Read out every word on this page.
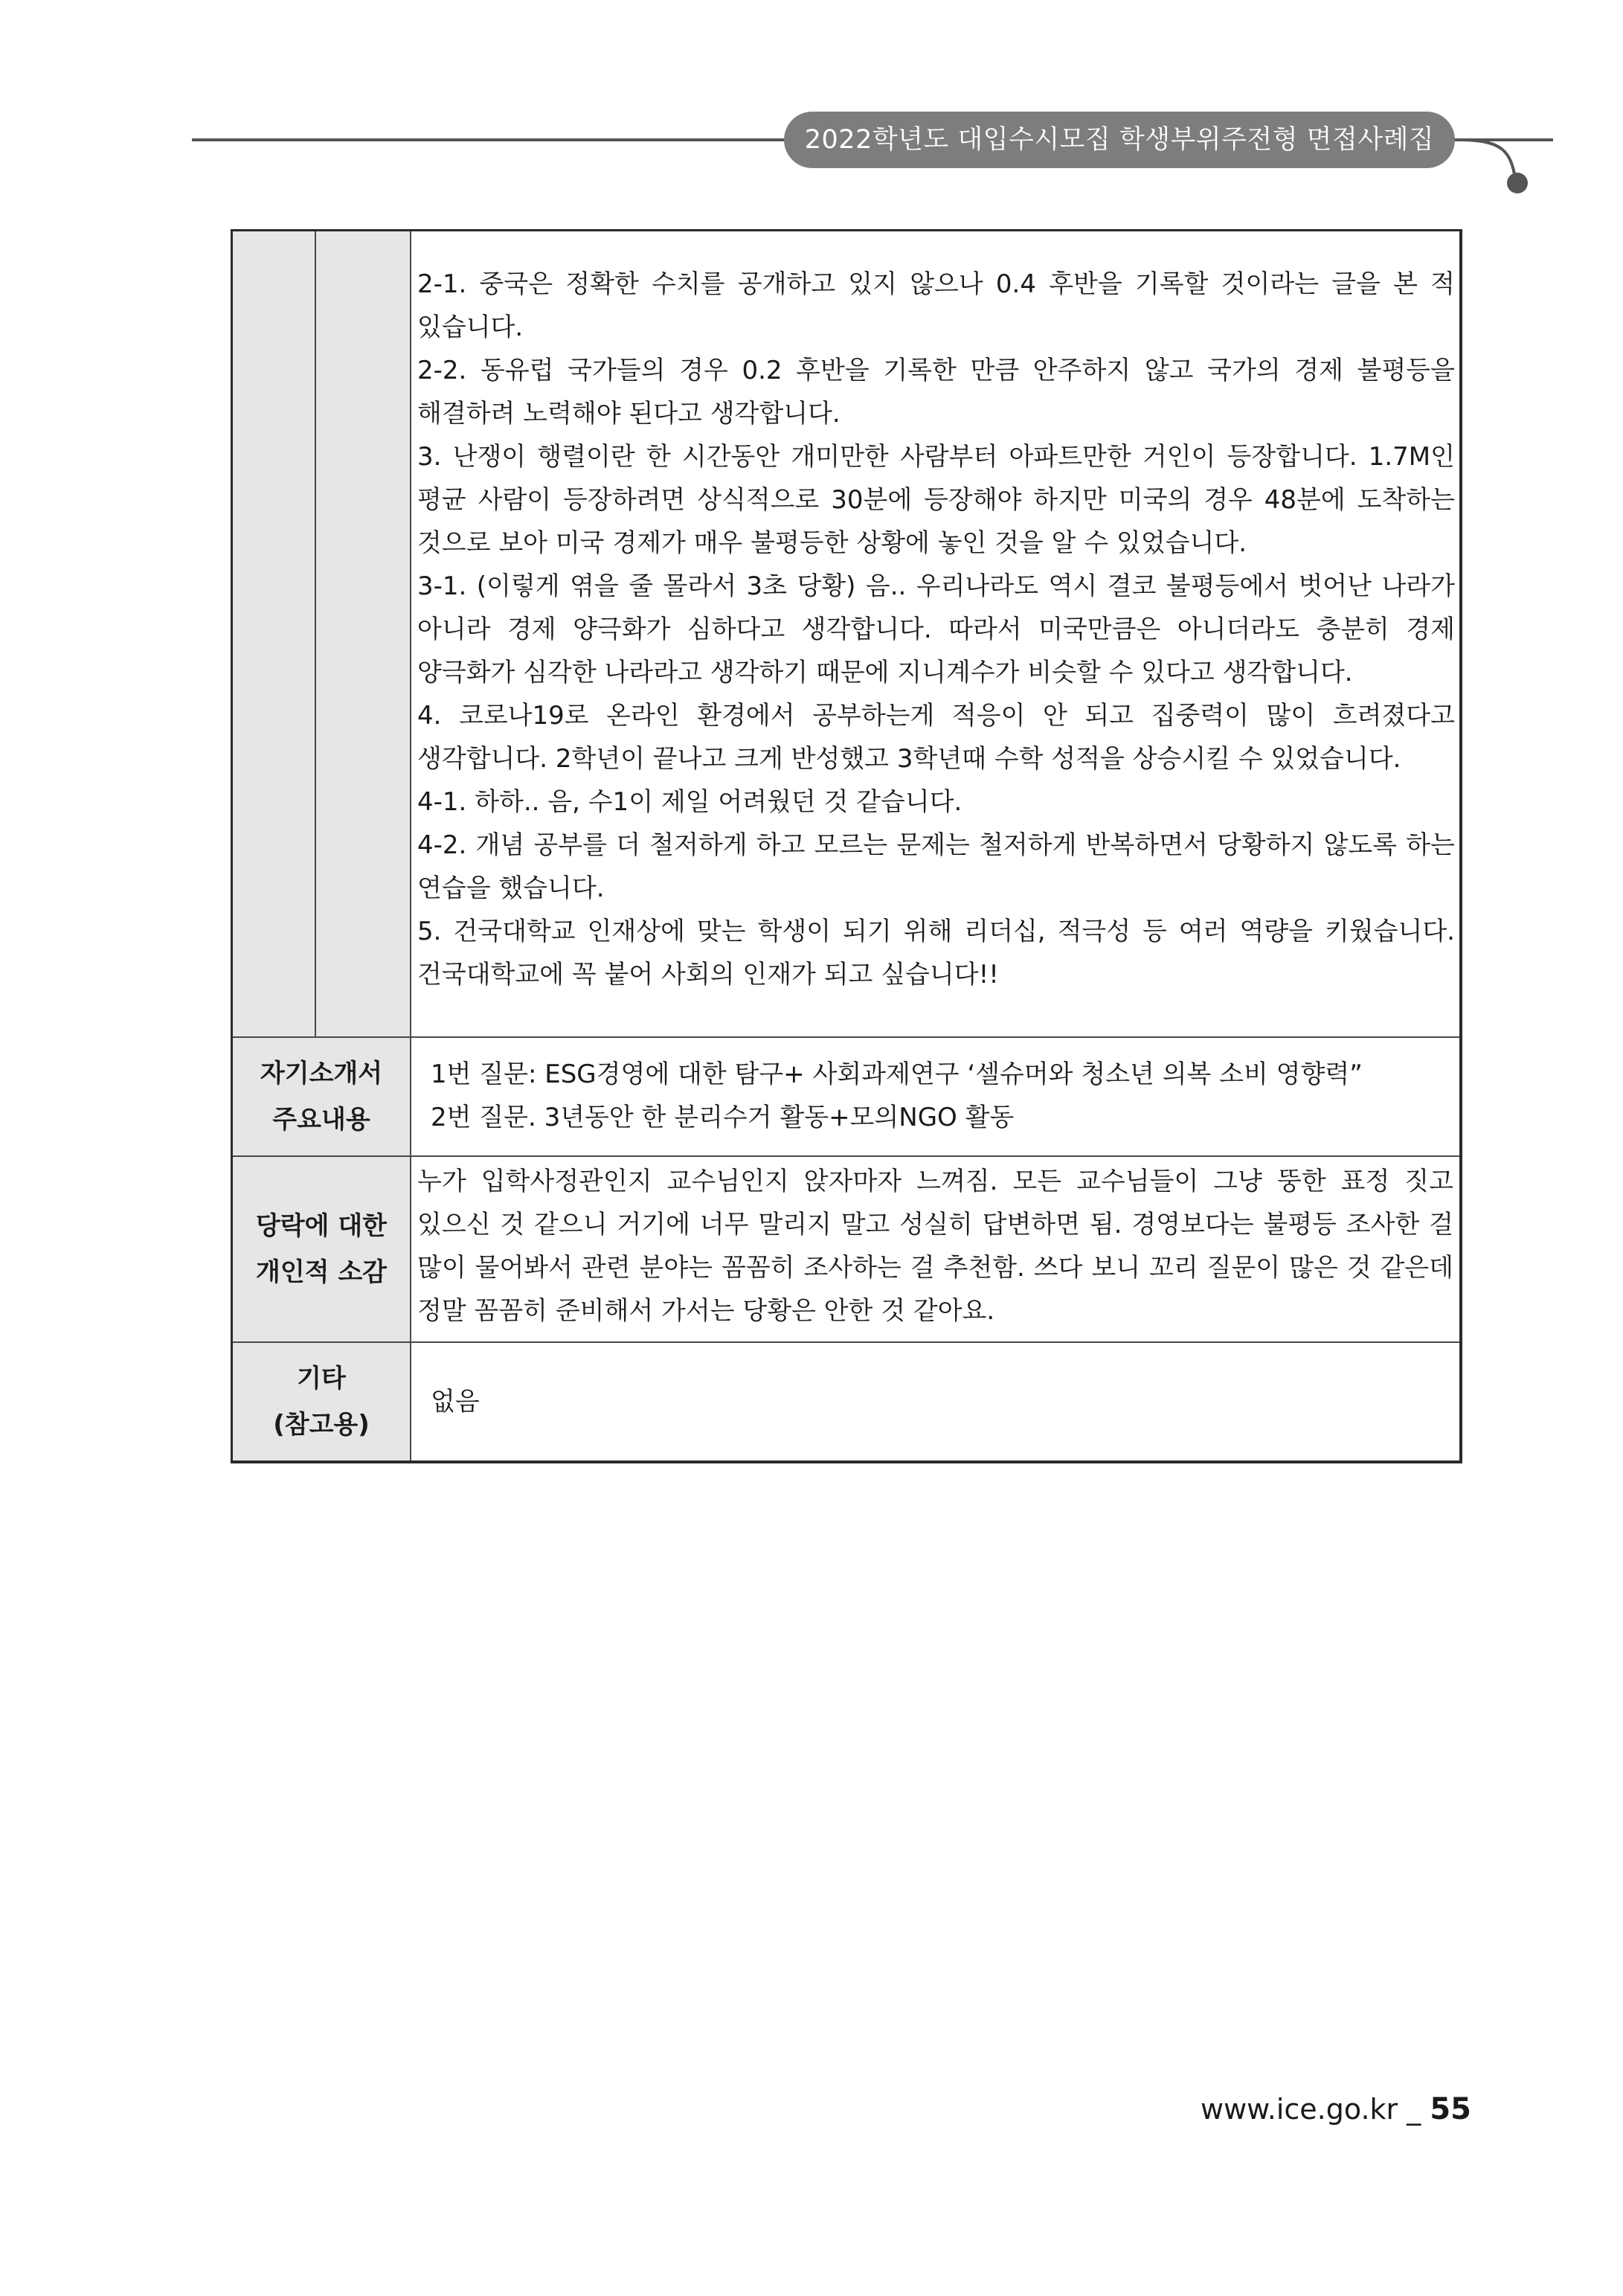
2022학년도 대입수시모집 학생부위주전형 면접사례집

2-1. 중국은 정확한 수치를 공개하고 있지 않으나 0.4 후반을 기록할 것이라는 글을 본 적 있습니다.

2-2. 동유럽 국가들의 경우 0.2 후반을 기록한 만큼 안주하지 않고 국가의 경제 불평등을 해결하려 노력해야 된다고 생각합니다.

3. 난쟁이 행렬이란 한 시간동안 개미만한 사람부터 아파트만한 거인이 등장합니다. 1.7M인 평균 사람이 등장하려면 상식적으로 30분에 등장해야 하지만 미국의 경우 48분에 도착하는 것으로 보아 미국 경제가 매우 불평등한 상황에 놓인 것을 알 수 있었습니다.

3-1. (이렇게 엮을 줄 몰라서 3초 당황) 음.. 우리나라도 역시 결코 불평등에서 벗어난 나라가 아니라 경제 양극화가 심하다고 생각합니다. 따라서 미국만큼은 아니더라도 충분히 경제 양극화가 심각한 나라라고 생각하기 때문에 지니계수가 비슷할 수 있다고 생각합니다.

4. 코로나19로 온라인 환경에서 공부하는게 적응이 안 되고 집중력이 많이 흐려졌다고 생각합니다. 2학년이 끝나고 크게 반성했고 3학년때 수학 성적을 상승시킬 수 있었습니다.

4-1. 하하.. 음, 수1이 제일 어려웠던 것 같습니다.

4-2. 개념 공부를 더 철저하게 하고 모르는 문제는 철저하게 반복하면서 당황하지 않도록 하는 연습을 했습니다.

5. 건국대학교 인재상에 맞는 학생이 되기 위해 리더십, 적극성 등 여러 역량을 키웠습니다. 건국대학교에 꼭 붙어 사회의 인재가 되고 싶습니다!!

자기소개서
주요내용

1번 질문: ESG경영에 대한 탐구+ 사회과제연구 ‘셀슈머와 청소년 의복 소비 영향력”

2번 질문. 3년동안 한 분리수거 활동+모의NGO 활동

당락에 대한
개인적 소감
누가 입학사정관인지 교수님인지 앉자마자 느껴짐. 모든 교수님들이 그냥 뚱한 표정 짓고 있으신 것 같으니 거기에 너무 말리지 말고 성실히 답변하면 됨. 경영보다는 불평등 조사한 걸 많이 물어봐서 관련 분야는 꼼꼼히 조사하는 걸 추천함. 쓰다 보니 꼬리 질문이 많은 것 같은데 정말 꼼꼼히 준비해서 가서는 당황은 안한 것 같아요.
기타
(참고용)
없음
www.ice.go.kr _ 55
